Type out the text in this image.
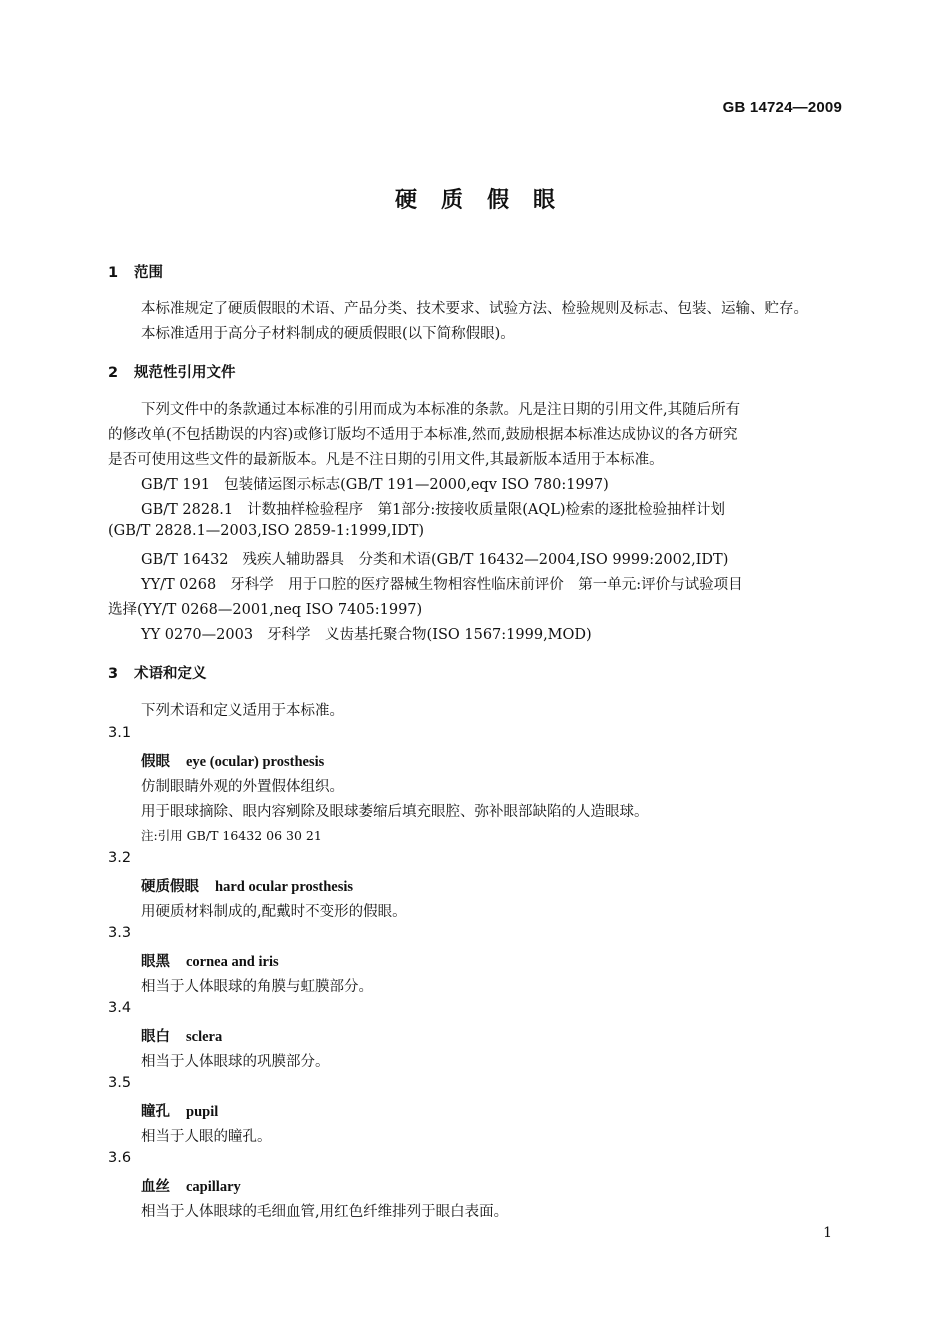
GB 14724—2009
硬质假眼
1 范围
本标准规定了硬质假眼的术语、产品分类、技术要求、试验方法、检验规则及标志、包装、运输、贮存。
本标准适用于高分子材料制成的硬质假眼(以下简称假眼)。
2 规范性引用文件
下列文件中的条款通过本标准的引用而成为本标准的条款。凡是注日期的引用文件,其随后所有
的修改单(不包括勘误的内容)或修订版均不适用于本标准,然而,鼓励根据本标准达成协议的各方研究
是否可使用这些文件的最新版本。凡是不注日期的引用文件,其最新版本适用于本标准。
GB/T 191 包装储运图示标志(GB/T 191—2000,eqv ISO 780:1997)
GB/T 2828.1 计数抽样检验程序　第1部分:按接收质量限(AQL)检索的逐批检验抽样计划
(GB/T 2828.1—2003,ISO 2859-1:1999,IDT)
GB/T 16432 残疾人辅助器具　分类和术语(GB/T 16432—2004,ISO 9999:2002,IDT)
YY/T 0268 牙科学　用于口腔的医疗器械生物相容性临床前评价　第一单元:评价与试验项目
选择(YY/T 0268—2001,neq ISO 7405:1997)
YY 0270—2003 牙科学　义齿基托聚合物(ISO 1567:1999,MOD)
3 术语和定义
下列术语和定义适用于本标准。
3.1
假眼 eye (ocular) prosthesis
仿制眼睛外观的外置假体组织。
用于眼球摘除、眼内容剜除及眼球萎缩后填充眼腔、弥补眼部缺陷的人造眼球。
注:引用 GB/T 16432 06 30 21
3.2
硬质假眼 hard ocular prosthesis
用硬质材料制成的,配戴时不变形的假眼。
3.3
眼黑 cornea and iris
相当于人体眼球的角膜与虹膜部分。
3.4
眼白 sclera
相当于人体眼球的巩膜部分。
3.5
瞳孔 pupil
相当于人眼的瞳孔。
3.6
血丝 capillary
相当于人体眼球的毛细血管,用红色纤维排列于眼白表面。
1
